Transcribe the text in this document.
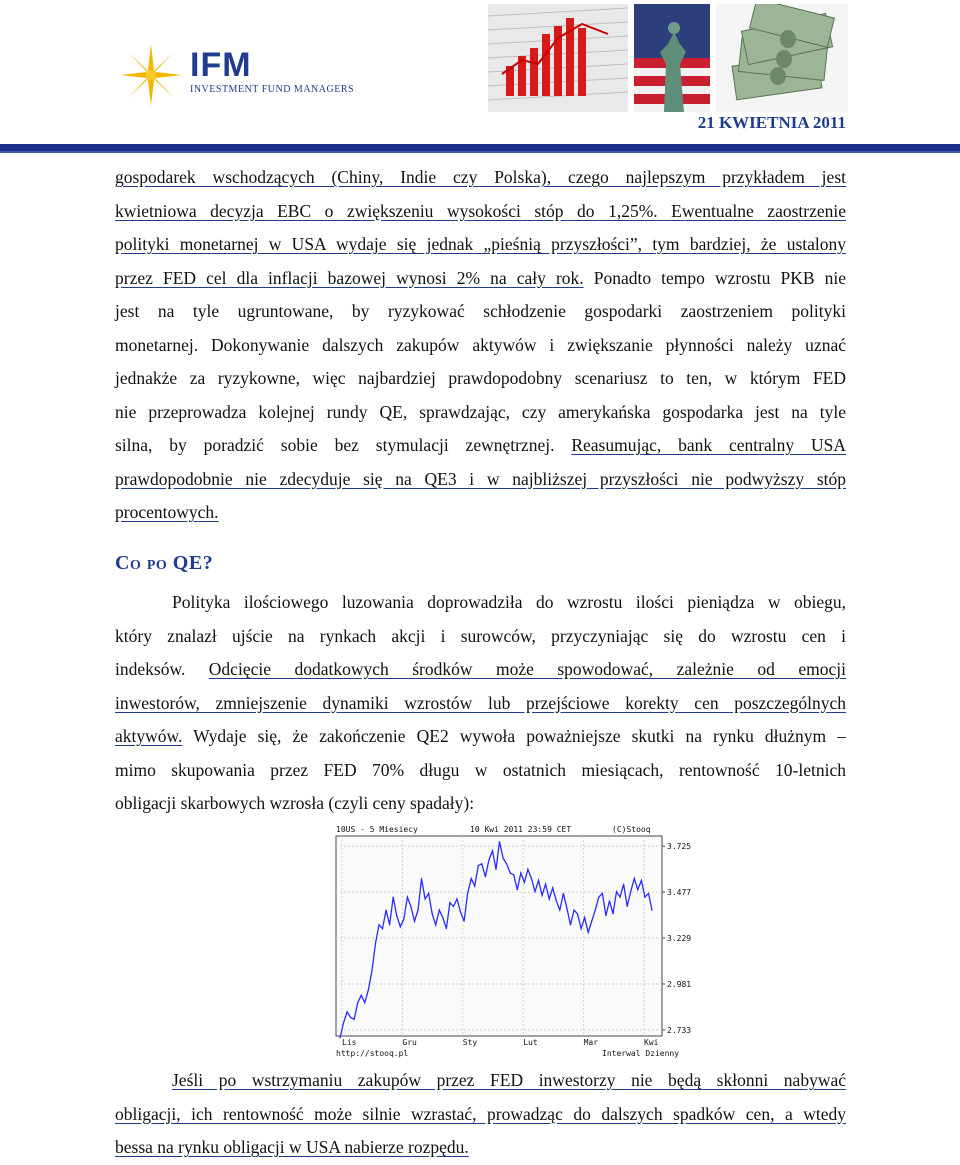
IFM
INVESTMENT FUND MANAGERS
21 KWIETNIA 2011

gospodarek wschodzących (Chiny, Indie czy Polska), czego najlepszym przykładem jest

kwietniowa decyzja EBC o zwiększeniu wysokości stóp do 1,25%. Ewentualne zaostrzenie

polityki monetarnej w USA wydaje się jednak „pieśnią przyszłości”, tym bardziej, że ustalony

przez FED cel dla inflacji bazowej wynosi 2% na cały rok. Ponadto tempo wzrostu PKB nie

jest na tyle ugruntowane, by ryzykować schłodzenie gospodarki zaostrzeniem polityki

monetarnej. Dokonywanie dalszych zakupów aktywów i zwiększanie płynności należy uznać

jednakże za ryzykowne, więc najbardziej prawdopodobny scenariusz to ten, w którym FED

nie przeprowadza kolejnej rundy QE, sprawdzając, czy amerykańska gospodarka jest na tyle

silna, by poradzić sobie bez stymulacji zewnętrznej. Reasumując, bank centralny USA

prawdopodobnie nie zdecyduje się na QE3 i w najbliższej przyszłości nie podwyższy stóp

procentowych.

CO PO QE?

Polityka ilościowego luzowania doprowadziła do wzrostu ilości pieniądza w obiegu,

który znalazł ujście na rynkach akcji i surowców, przyczyniając się do wzrostu cen i

indeksów. Odcięcie dodatkowych środków może spowodować, zależnie od emocji

inwestorów, zmniejszenie dynamiki wzrostów lub przejściowe korekty cen poszczególnych

aktywów. Wydaje się, że zakończenie QE2 wywoła poważniejsze skutki na rynku dłużnym –

mimo skupowania przez FED 70% długu w ostatnich miesiącach, rentowność 10-letnich

obligacji skarbowych wzrosła (czyli ceny spadały):

10US - 5 Miesiecy	10 Kwi 2011 23:59 CET	(C)Stooq
3.725
3.477
3.229
2.981
2.733
Lis	Gru	Sty	Lut	Mar	Kwi
http://stooq.pl	Interwal Dzienny

Jeśli po wstrzymaniu zakupów przez FED inwestorzy nie będą skłonni nabywać

obligacji, ich rentowność może silnie wzrastać, prowadząc do dalszych spadków cen, a wtedy

bessa na rynku obligacji w USA nabierze rozpędu.
